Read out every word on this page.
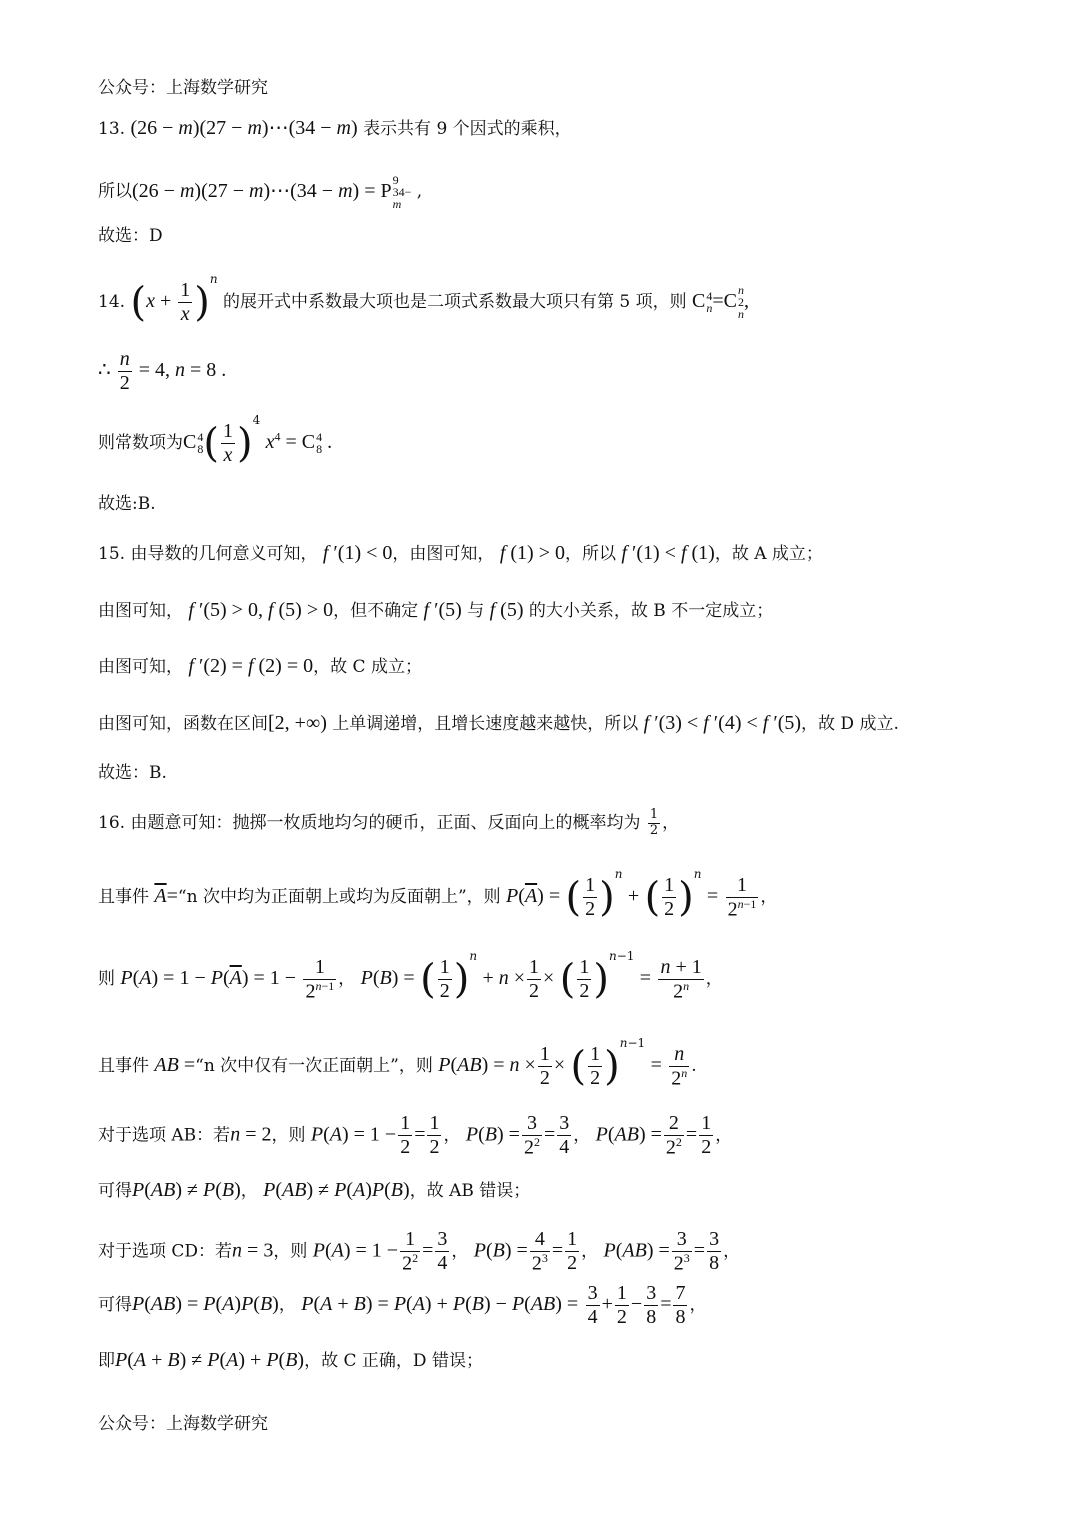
公众号：上海数学研究
13. (26 − m)(27 − m)⋯(34 − m) 表示共有 9 个因式的乘积，
所以(26 − m)(27 − m)⋯(34 − m) = P 9
34−
m
,
故选：D
14. $(x + \frac{1}{x} )^n$ 的展开式中系数最大项也是二项式系数最大项只有第 5 项，则 C 4
n =C n
2
n
,
∴ $\frac{n}{2} = 4$, n = 8 .
则常数项为C 4
8 ( $\frac{1}{x} )^4$ $x^4 = C$ 4
8 .
故选:B.
15. 由导数的几何意义可知， f ′(1) < 0，由图可知， f (1) > 0，所以 f ′(1) < f (1)，故 A 成立；
由图可知， f ′(5) > 0, f (5) > 0，但不确定 f ′(5) 与 f (5) 的大小关系，故 B 不一定成立；
由图可知， f ′(2) = f (2) = 0，故 C 成立；
由图可知，函数在区间[2, +∞) 上单调递增，且增长速度越来越快，所以 f ′(3) < f ′(4) < f ′(5)，故 D 成立.
故选：B.
16. 由题意可知：抛掷一枚质地均匀的硬币，正面、反面向上的概率均为 $\frac{1}{2}$ ，
且事件 $\overline{A}=“n$ 次中均为正面朝上或均为反面朝上”，则 $P(\overline{A})$ = ( $\frac{1}{2} )^n$ + ( $\frac{1}{2} )^n = \frac{1}{2^{n-1}}$ ，
则 $P(A) = 1 - P(\overline{A}) = 1 - \frac{1}{2^{n-1}}$ ， P(B) = ( $\frac{1}{2} )^n + n \times \frac{1}{2}$ × ( $\frac{1}{2} )^{n-1} = \frac{n + 1}{2^n}$ ，
且事件 AB =“n 次中仅有一次正面朝上”，则 $P(AB) = n \times \frac{1}{2}$ × ( $\frac{1}{2} )^{n-1} = \frac{n}{2^n}$ .
对于选项 AB：若n = 2，则 $P(A) = 1 - \frac{1}{2} = \frac{1}{2}$ ， $P(B) = \frac{3}{2^2} = \frac{3}{4}$ ， $P(AB) = \frac{2}{2^2} = \frac{1}{2}$ ，
可得P(AB) ≠ P(B)， P(AB) ≠ P(A)P(B)，故 AB 错误；
对于选项 CD：若n = 3，则 $P(A) = 1 - \frac{1}{2^2} = \frac{3}{4}$ ， $P(B) = \frac{4}{2^3} = \frac{1}{2}$ ， $P(AB) = \frac{3}{2^3} = \frac{3}{8}$ ，
可得P(AB) = P(A)P(B)， $P(A + B) = P(A) + P(B) - P(AB) = \frac{3}{4} + \frac{1}{2} - \frac{3}{8} = \frac{7}{8}$ ，
即P(A + B) ≠ P(A) + P(B)，故 C 正确，D 错误；
公众号：上海数学研究
